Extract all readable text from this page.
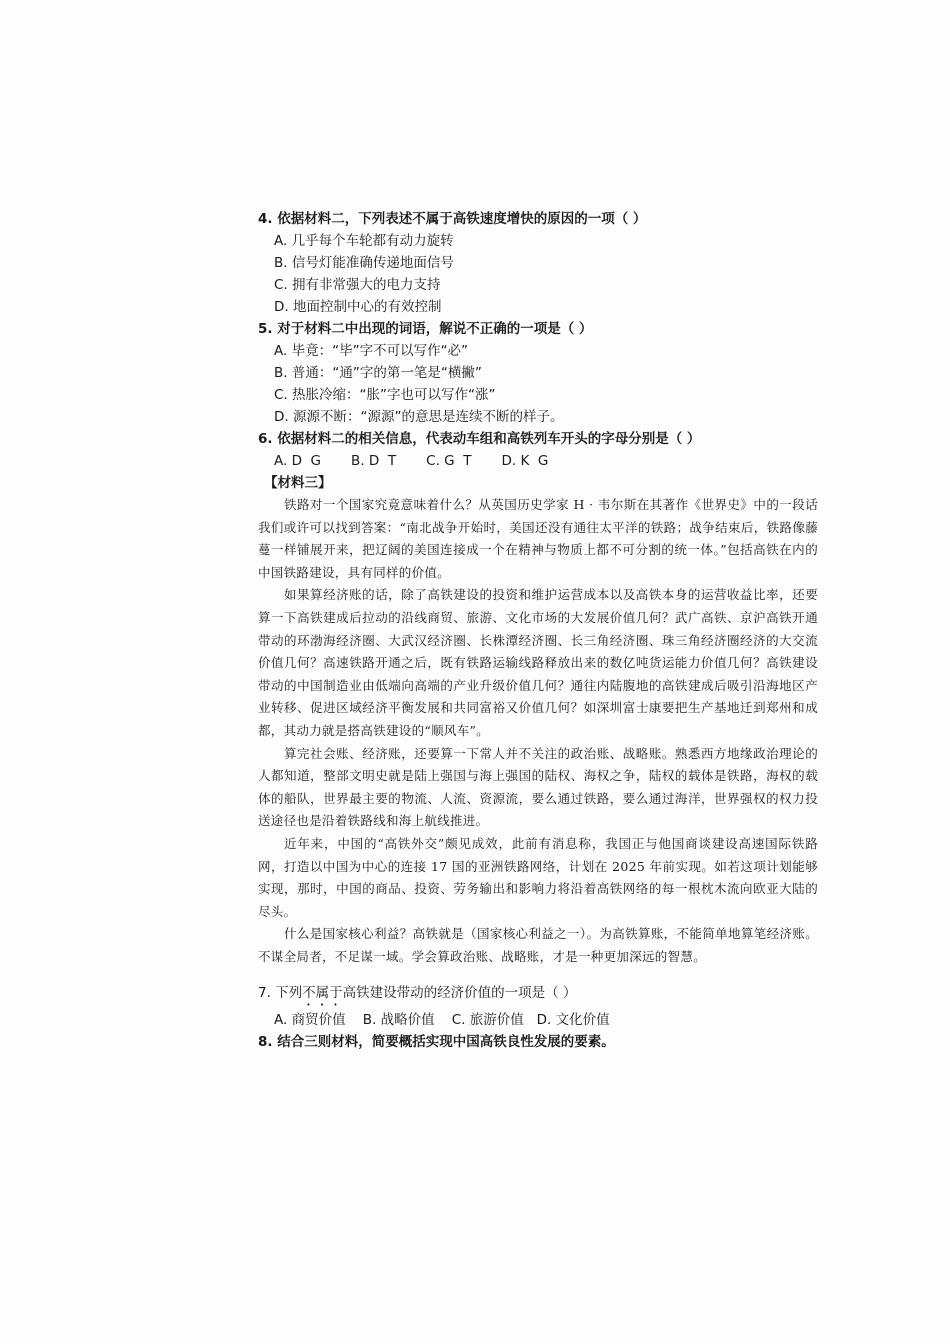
4. 依据材料二，下列表述不属于高铁速度增快的原因的一项（ ）

A. 几乎每个车轮都有动力旋转

B. 信号灯能准确传递地面信号

C. 拥有非常强大的电力支持

D. 地面控制中心的有效控制

5. 对于材料二中出现的词语，解说不正确的一项是（ ）

A. 毕竟：“毕”字不可以写作“必”

B. 普通：“通”字的第一笔是“横撇”

C. 热胀冷缩：“胀”字也可以写作“涨”

D. 源源不断：“源源”的意思是连续不断的样子。

6. 依据材料二的相关信息，代表动车组和高铁列车开头的字母分别是（ ）

A. D  G       B. D  T       C. G  T       D. K  G
【材料三】

铁路对一个国家究竟意味着什么？从英国历史学家 H · 韦尔斯在其著作《世界史》中的一段话我们或许可以找到答案：“南北战争开始时，美国还没有通往太平洋的铁路；战争结束后，铁路像藤蔓一样铺展开来，把辽阔的美国连接成一个在精神与物质上都不可分割的统一体。”包括高铁在内的中国铁路建设，具有同样的价值。

如果算经济账的话，除了高铁建设的投资和维护运营成本以及高铁本身的运营收益比率，还要算一下高铁建成后拉动的沿线商贸、旅游、文化市场的大发展价值几何？武广高铁、京沪高铁开通带动的环渤海经济圈、大武汉经济圈、长株潭经济圈、长三角经济圈、珠三角经济圈经济的大交流价值几何？高速铁路开通之后，既有铁路运输线路释放出来的数亿吨货运能力价值几何？高铁建设带动的中国制造业由低端向高端的产业升级价值几何？通往内陆腹地的高铁建成后吸引沿海地区产业转移、促进区域经济平衡发展和共同富裕又价值几何？如深圳富士康要把生产基地迁到郑州和成都，其动力就是搭高铁建设的“顺风车”。

算完社会账、经济账，还要算一下常人并不关注的政治账、战略账。熟悉西方地缘政治理论的人都知道，整部文明史就是陆上强国与海上强国的陆权、海权之争，陆权的载体是铁路，海权的载体的船队，世界最主要的物流、人流、资源流，要么通过铁路，要么通过海洋，世界强权的权力投送途径也是沿着铁路线和海上航线推进。

近年来，中国的“高铁外交”颇见成效，此前有消息称，我国正与他国商谈建设高速国际铁路网，打造以中国为中心的连接 17 国的亚洲铁路网络，计划在 2025 年前实现。如若这项计划能够实现，那时，中国的商品、投资、劳务输出和影响力将沿着高铁网络的每一根枕木流向欧亚大陆的尽头。

什么是国家核心利益？高铁就是（国家核心利益之一）。为高铁算账，不能简单地算笔经济账。不谋全局者，不足谋一域。学会算政治账、战略账，才是一种更加深远的智慧。

7. 下列不属于高铁建设带动的经济价值的一项是（ ）

A. 商贸价值    B. 战略价值    C. 旅游价值   D. 文化价值

8. 结合三则材料，简要概括实现中国高铁良性发展的要素。
